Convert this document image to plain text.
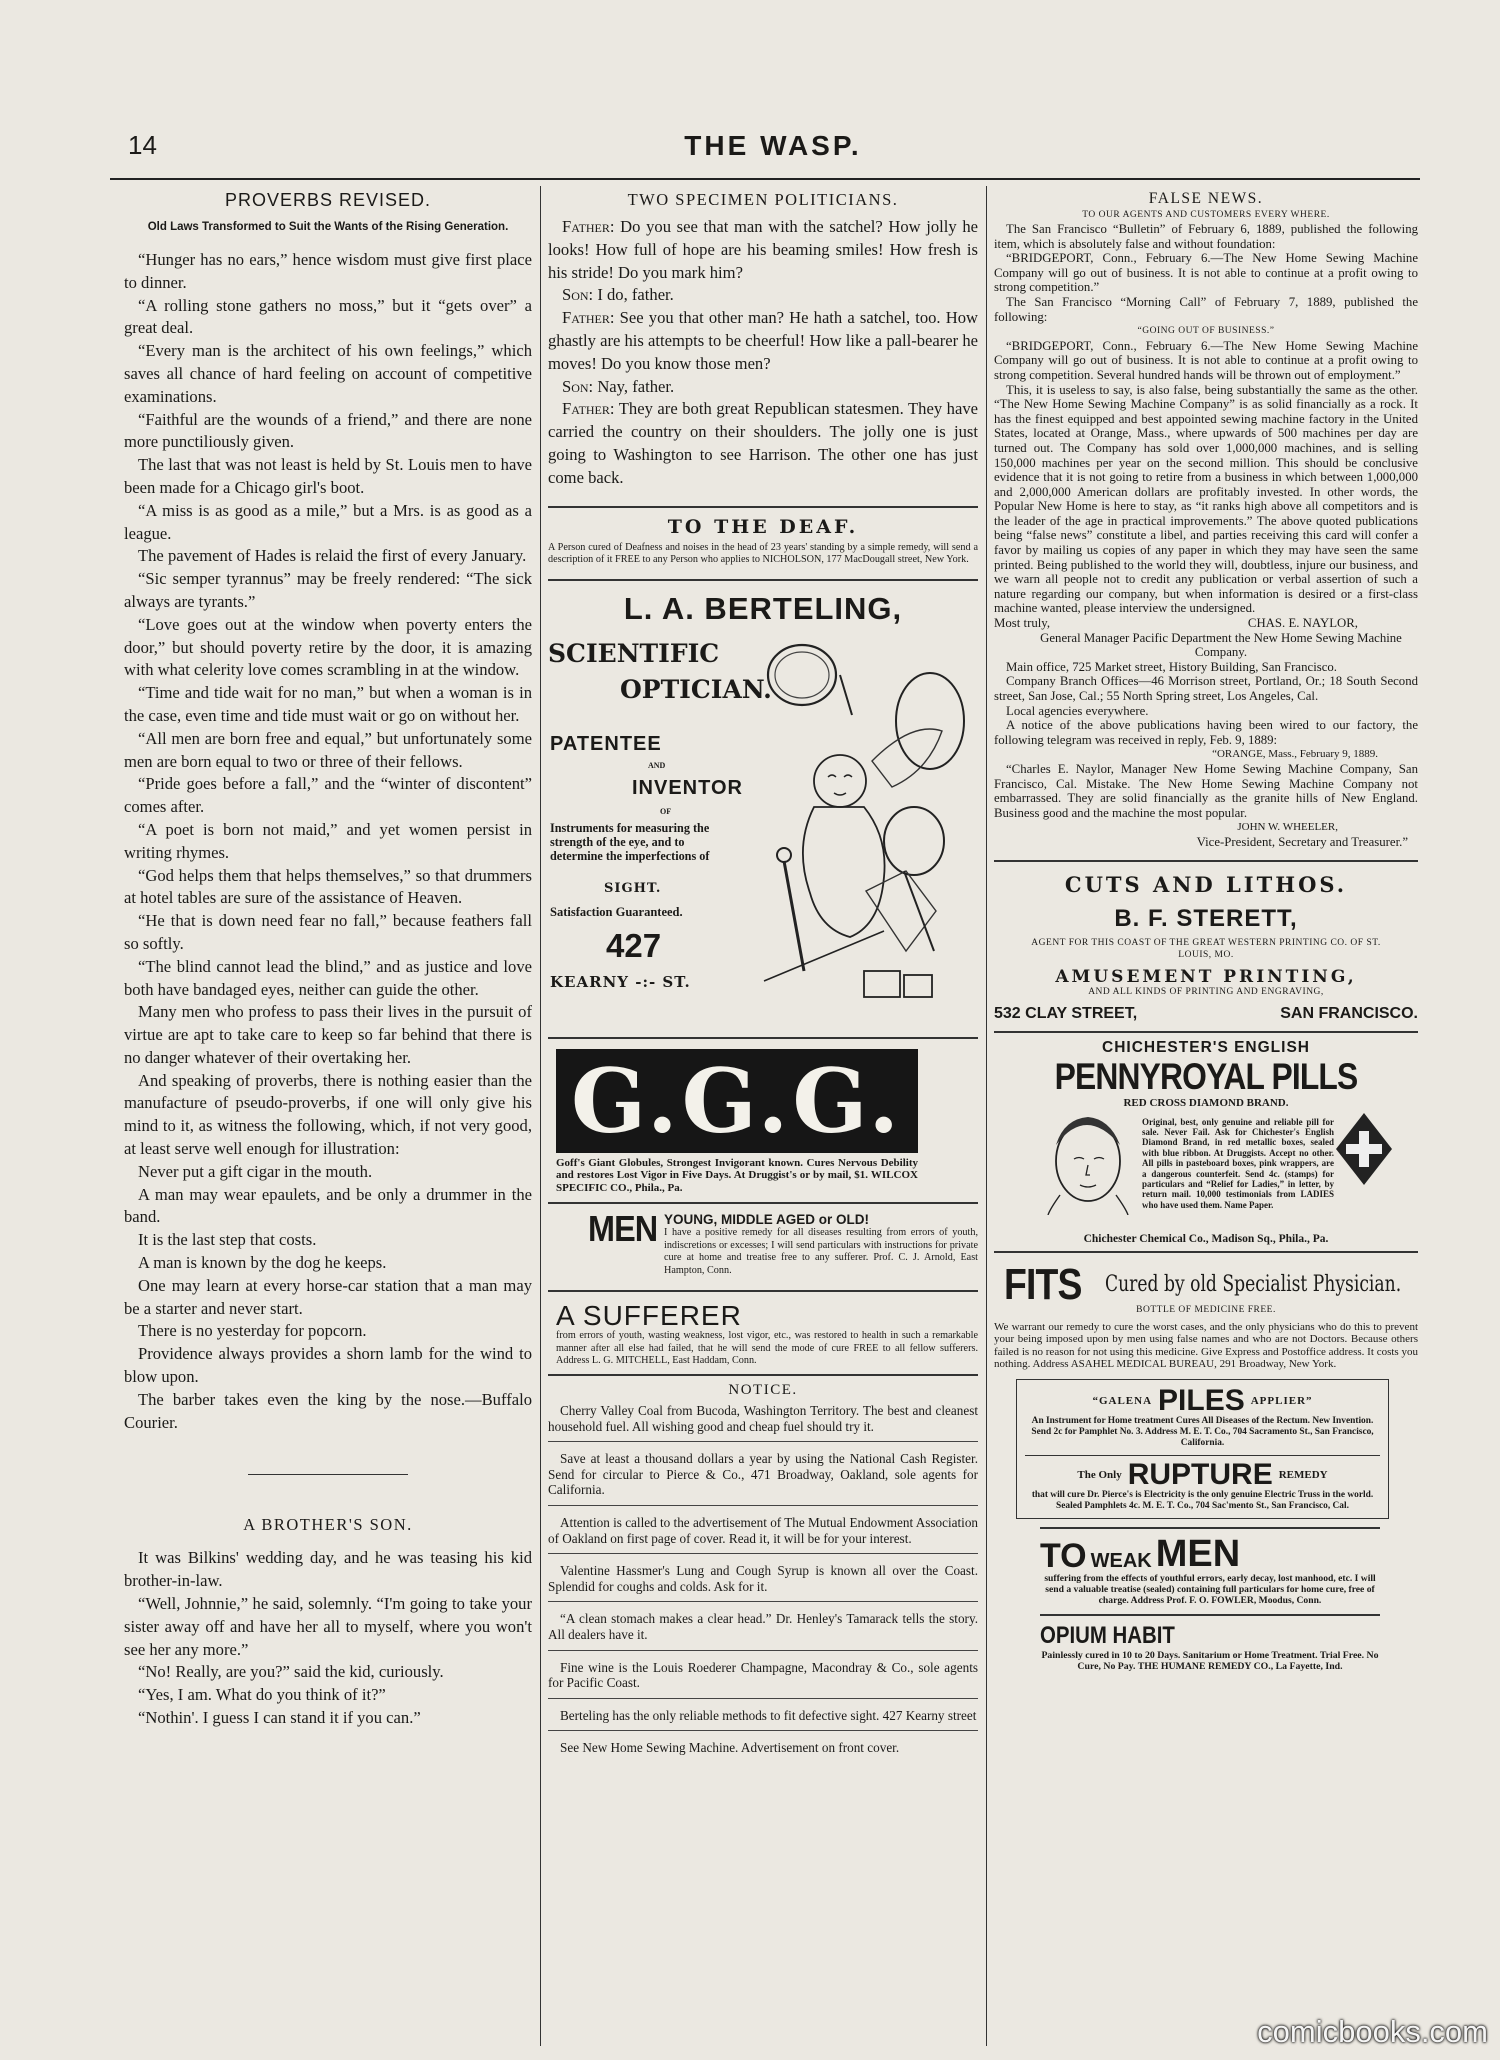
14	THE WASP.
PROVERBS REVISED.
Old Laws Transformed to Suit the Wants of the Rising Generation.

“Hunger has no ears,” hence wisdom must give first place to dinner.

“A rolling stone gathers no moss,” but it “gets over” a great deal.

“Every man is the architect of his own feelings,” which saves all chance of hard feeling on account of competitive examinations.

“Faithful are the wounds of a friend,” and there are none more punctiliously given.

The last that was not least is held by St. Louis men to have been made for a Chicago girl's boot.

“A miss is as good as a mile,” but a Mrs. is as good as a league.

The pavement of Hades is relaid the first of every January.

“Sic semper tyrannus” may be freely rendered: “The sick always are tyrants.”

“Love goes out at the window when poverty enters the door,” but should poverty retire by the door, it is amazing with what celerity love comes scrambling in at the window.

“Time and tide wait for no man,” but when a woman is in the case, even time and tide must wait or go on without her.

“All men are born free and equal,” but unfortunately some men are born equal to two or three of their fellows.

“Pride goes before a fall,” and the “winter of discontent” comes after.

“A poet is born not maid,” and yet women persist in writing rhymes.

“God helps them that helps themselves,” so that drummers at hotel tables are sure of the assistance of Heaven.

“He that is down need fear no fall,” because feathers fall so softly.

“The blind cannot lead the blind,” and as justice and love both have bandaged eyes, neither can guide the other.

Many men who profess to pass their lives in the pursuit of virtue are apt to take care to keep so far behind that there is no danger whatever of their overtaking her.

And speaking of proverbs, there is nothing easier than the manufacture of pseudo-proverbs, if one will only give his mind to it, as witness the following, which, if not very good, at least serve well enough for illustration:

Never put a gift cigar in the mouth.

A man may wear epaulets, and be only a drummer in the band.

It is the last step that costs.

A man is known by the dog he keeps.

One may learn at every horse-car station that a man may be a starter and never start.

There is no yesterday for popcorn.

Providence always provides a shorn lamb for the wind to blow upon.

The barber takes even the king by the nose.—Buffalo Courier.

A BROTHER'S SON.

It was Bilkins' wedding day, and he was teasing his kid brother-in-law.

“Well, Johnnie,” he said, solemnly. “I'm going to take your sister away off and have her all to myself, where you won't see her any more.”

“No! Really, are you?” said the kid, curiously.

“Yes, I am. What do you think of it?”

“Nothin'. I guess I can stand it if you can.”

TWO SPECIMEN POLITICIANS.

Father: Do you see that man with the satchel? How jolly he looks! How full of hope are his beaming smiles! How fresh is his stride! Do you mark him?

Son: I do, father.

Father: See you that other man? He hath a satchel, too. How ghastly are his attempts to be cheerful! How like a pall-bearer he moves! Do you know those men?

Son: Nay, father.

Father: They are both great Republican statesmen. They have carried the country on their shoulders. The jolly one is just going to Washington to see Harrison. The other one has just come back.

TO THE DEAF.
A Person cured of Deafness and noises in the head of 23 years' standing by a simple remedy, will send a description of it FREE to any Person who applies to NICHOLSON, 177 MacDougall street, New York.
L. A. BERTELING,
SCIENTIFIC
OPTICIAN.
PATENTEE
AND
INVENTOR
OF
Instruments for measuring the strength of the eye, and to determine the imperfections of
SIGHT.
Satisfaction Guaranteed.
427
KEARNY -:- ST.
G.G.G.
Goff's Giant Globules, Strongest Invigorant known. Cures Nervous Debility and restores Lost Vigor in Five Days. At Druggist's or by mail, $1. WILCOX SPECIFIC CO., Phila., Pa.
MEN YOUNG, MIDDLE AGED or OLD!
I have a positive remedy for all diseases resulting from errors of youth, indiscretions or excesses; I will send particulars with instructions for private cure at home and treatise free to any sufferer. Prof. C. J. Arnold, East Hampton, Conn.
A SUFFERER
from errors of youth, wasting weakness, lost vigor, etc., was restored to health in such a remarkable manner after all else had failed, that he will send the mode of cure FREE to all fellow sufferers. Address L. G. MITCHELL, East Haddam, Conn.
NOTICE.

Cherry Valley Coal from Bucoda, Washington Territory. The best and cleanest household fuel. All wishing good and cheap fuel should try it.

Save at least a thousand dollars a year by using the National Cash Register. Send for circular to Pierce & Co., 471 Broadway, Oakland, sole agents for California.

Attention is called to the advertisement of The Mutual Endowment Association of Oakland on first page of cover. Read it, it will be for your interest.

Valentine Hassmer's Lung and Cough Syrup is known all over the Coast. Splendid for coughs and colds. Ask for it.

“A clean stomach makes a clear head.” Dr. Henley's Tamarack tells the story. All dealers have it.

Fine wine is the Louis Roederer Champagne, Macondray & Co., sole agents for Pacific Coast.

Berteling has the only reliable methods to fit defective sight. 427 Kearny street

See New Home Sewing Machine. Advertisement on front cover.

FALSE NEWS.
TO OUR AGENTS AND CUSTOMERS EVERY WHERE.

The San Francisco “Bulletin” of February 6, 1889, published the following item, which is absolutely false and without foundation:

“BRIDGEPORT, Conn., February 6.—The New Home Sewing Machine Company will go out of business. It is not able to continue at a profit owing to strong competition.”

The San Francisco “Morning Call” of February 7, 1889, published the following:

“GOING OUT OF BUSINESS.”

“BRIDGEPORT, Conn., February 6.—The New Home Sewing Machine Company will go out of business. It is not able to continue at a profit owing to strong competition. Several hundred hands will be thrown out of employment.”

This, it is useless to say, is also false, being substantially the same as the other. “The New Home Sewing Machine Company” is as solid financially as a rock. It has the finest equipped and best appointed sewing machine factory in the United States, located at Orange, Mass., where upwards of 500 machines per day are turned out. The Company has sold over 1,000,000 machines, and is selling 150,000 machines per year on the second million. This should be conclusive evidence that it is not going to retire from a business in which between 1,000,000 and 2,000,000 American dollars are profitably invested. In other words, the Popular New Home is here to stay, as “it ranks high above all competitors and is the leader of the age in practical improvements.” The above quoted publications being “false news” constitute a libel, and parties receiving this card will confer a favor by mailing us copies of any paper in which they may have seen the same printed. Being published to the world they will, doubtless, injure our business, and we warn all people not to credit any publication or verbal assertion of such a nature regarding our company, but when information is desired or a first-class machine wanted, please interview the undersigned.

Most truly,	CHAS. E. NAYLOR,

General Manager Pacific Department the New Home Sewing Machine Company.

Main office, 725 Market street, History Building, San Francisco.

Company Branch Offices—46 Morrison street, Portland, Or.; 18 South Second street, San Jose, Cal.; 55 North Spring street, Los Angeles, Cal.

Local agencies everywhere.

A notice of the above publications having been wired to our factory, the following telegram was received in reply, Feb. 9, 1889:

“ORANGE, Mass., February 9, 1889.

“Charles E. Naylor, Manager New Home Sewing Machine Company, San Francisco, Cal. Mistake. The New Home Sewing Machine Company not embarrassed. They are solid financially as the granite hills of New England. Business good and the machine the most popular.

JOHN W. WHEELER,

Vice-President, Secretary and Treasurer.”

CUTS AND LITHOS.
B. F. STERETT,
AGENT FOR THIS COAST OF THE GREAT WESTERN PRINTING CO. OF ST. LOUIS, MO.
AMUSEMENT PRINTING,
AND ALL KINDS OF PRINTING AND ENGRAVING,
532 CLAY STREET,	SAN FRANCISCO.
CHICHESTER'S ENGLISH
PENNYROYAL PILLS
RED CROSS DIAMOND BRAND.
Original, best, only genuine and reliable pill for sale. Never Fail. Ask for Chichester's English Diamond Brand, in red metallic boxes, sealed with blue ribbon. At Druggists. Accept no other. All pills in pasteboard boxes, pink wrappers, are a dangerous counterfeit. Send 4c. (stamps) for particulars and “Relief for Ladies,” in letter, by return mail. 10,000 testimonials from LADIES who have used them. Name Paper.
Chichester Chemical Co., Madison Sq., Phila., Pa.
FITS Cured by old Specialist Physician.
BOTTLE OF MEDICINE FREE.
We warrant our remedy to cure the worst cases, and the only physicians who do this to prevent your being imposed upon by men using false names and who are not Doctors. Because others failed is no reason for not using this medicine. Give Express and Postoffice address. It costs you nothing. Address ASAHEL MEDICAL BUREAU, 291 Broadway, New York.
“GALENA PILES APPLIER”
An Instrument for Home treatment Cures All Diseases of the Rectum. New Invention. Send 2c for Pamphlet No. 3. Address M. E. T. Co., 704 Sacramento St., San Francisco, California.
The Only RUPTURE REMEDY
that will cure Dr. Pierce's is Electricity is the only genuine Electric Truss in the world. Sealed Pamphlets 4c. M. E. T. Co., 704 Sac'mento St., San Francisco, Cal.
TO WEAK MEN
suffering from the effects of youthful errors, early decay, lost manhood, etc. I will send a valuable treatise (sealed) containing full particulars for home cure, free of charge. Address Prof. F. O. FOWLER, Moodus, Conn.
OPIUM HABIT
Painlessly cured in 10 to 20 Days. Sanitarium or Home Treatment. Trial Free. No Cure, No Pay. THE HUMANE REMEDY CO., La Fayette, Ind.
comicbooks.com
